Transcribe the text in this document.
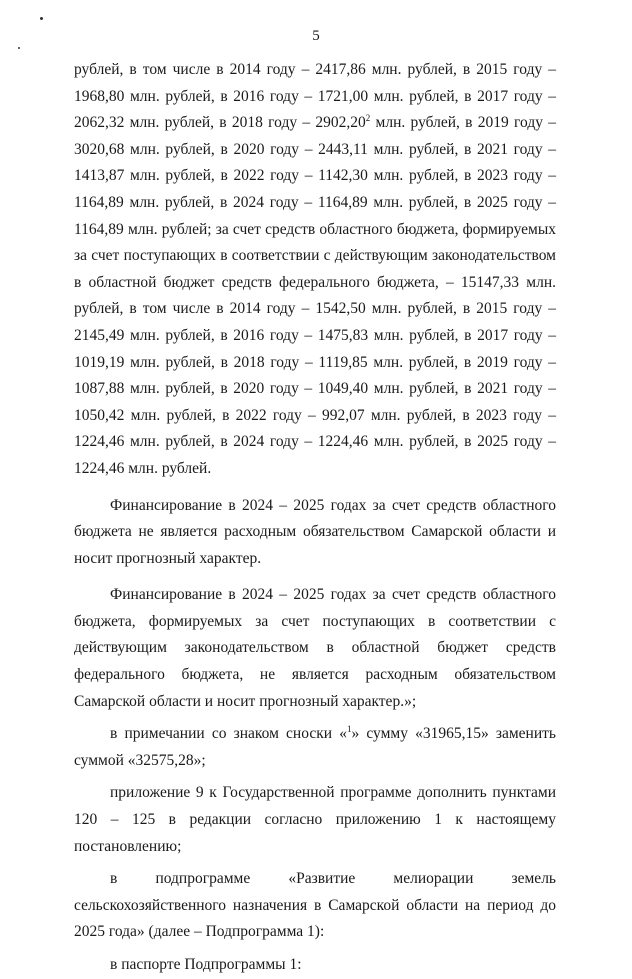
5

рублей, в том числе в 2014 году – 2417,86 млн. рублей, в 2015 году – 1968,80 млн. рублей, в 2016 году – 1721,00 млн. рублей, в 2017 году – 2062,32 млн. рублей, в 2018 году – 2902,20$^2$ млн. рублей, в 2019 году – 3020,68 млн. рублей, в 2020 году – 2443,11 млн. рублей, в 2021 году – 1413,87 млн. рублей, в 2022 году – 1142,30 млн. рублей, в 2023 году – 1164,89 млн. рублей, в 2024 году – 1164,89 млн. рублей, в 2025 году – 1164,89 млн. рублей; за счет средств областного бюджета, формируемых за счет поступающих в соответствии с действующим законодательством в областной бюджет средств федерального бюджета, – 15147,33 млн. рублей, в том числе в 2014 году – 1542,50 млн. рублей, в 2015 году – 2145,49 млн. рублей, в 2016 году – 1475,83 млн. рублей, в 2017 году – 1019,19 млн. рублей, в 2018 году – 1119,85 млн. рублей, в 2019 году – 1087,88 млн. рублей, в 2020 году – 1049,40 млн. рублей, в 2021 году – 1050,42 млн. рублей, в 2022 году – 992,07 млн. рублей, в 2023 году – 1224,46 млн. рублей, в 2024 году – 1224,46 млн. рублей, в 2025 году – 1224,46 млн. рублей.

Финансирование в 2024 – 2025 годах за счет средств областного бюджета не является расходным обязательством Самарской области и носит прогнозный характер.

Финансирование в 2024 – 2025 годах за счет средств областного бюджета, формируемых за счет поступающих в соответствии с действующим законодательством в областной бюджет средств федерального бюджета, не является расходным обязательством Самарской области и носит прогнозный характер.»;

в примечании со знаком сноски «$^1$» сумму «31965,15» заменить суммой «32575,28»;

приложение 9 к Государственной программе дополнить пунктами 120 – 125 в редакции согласно приложению 1 к настоящему постановлению;

в подпрограмме «Развитие мелиорации земель сельскохозяйственного назначения в Самарской области на период до 2025 года» (далее – Подпрограмма 1):

в паспорте Подпрограммы 1:
